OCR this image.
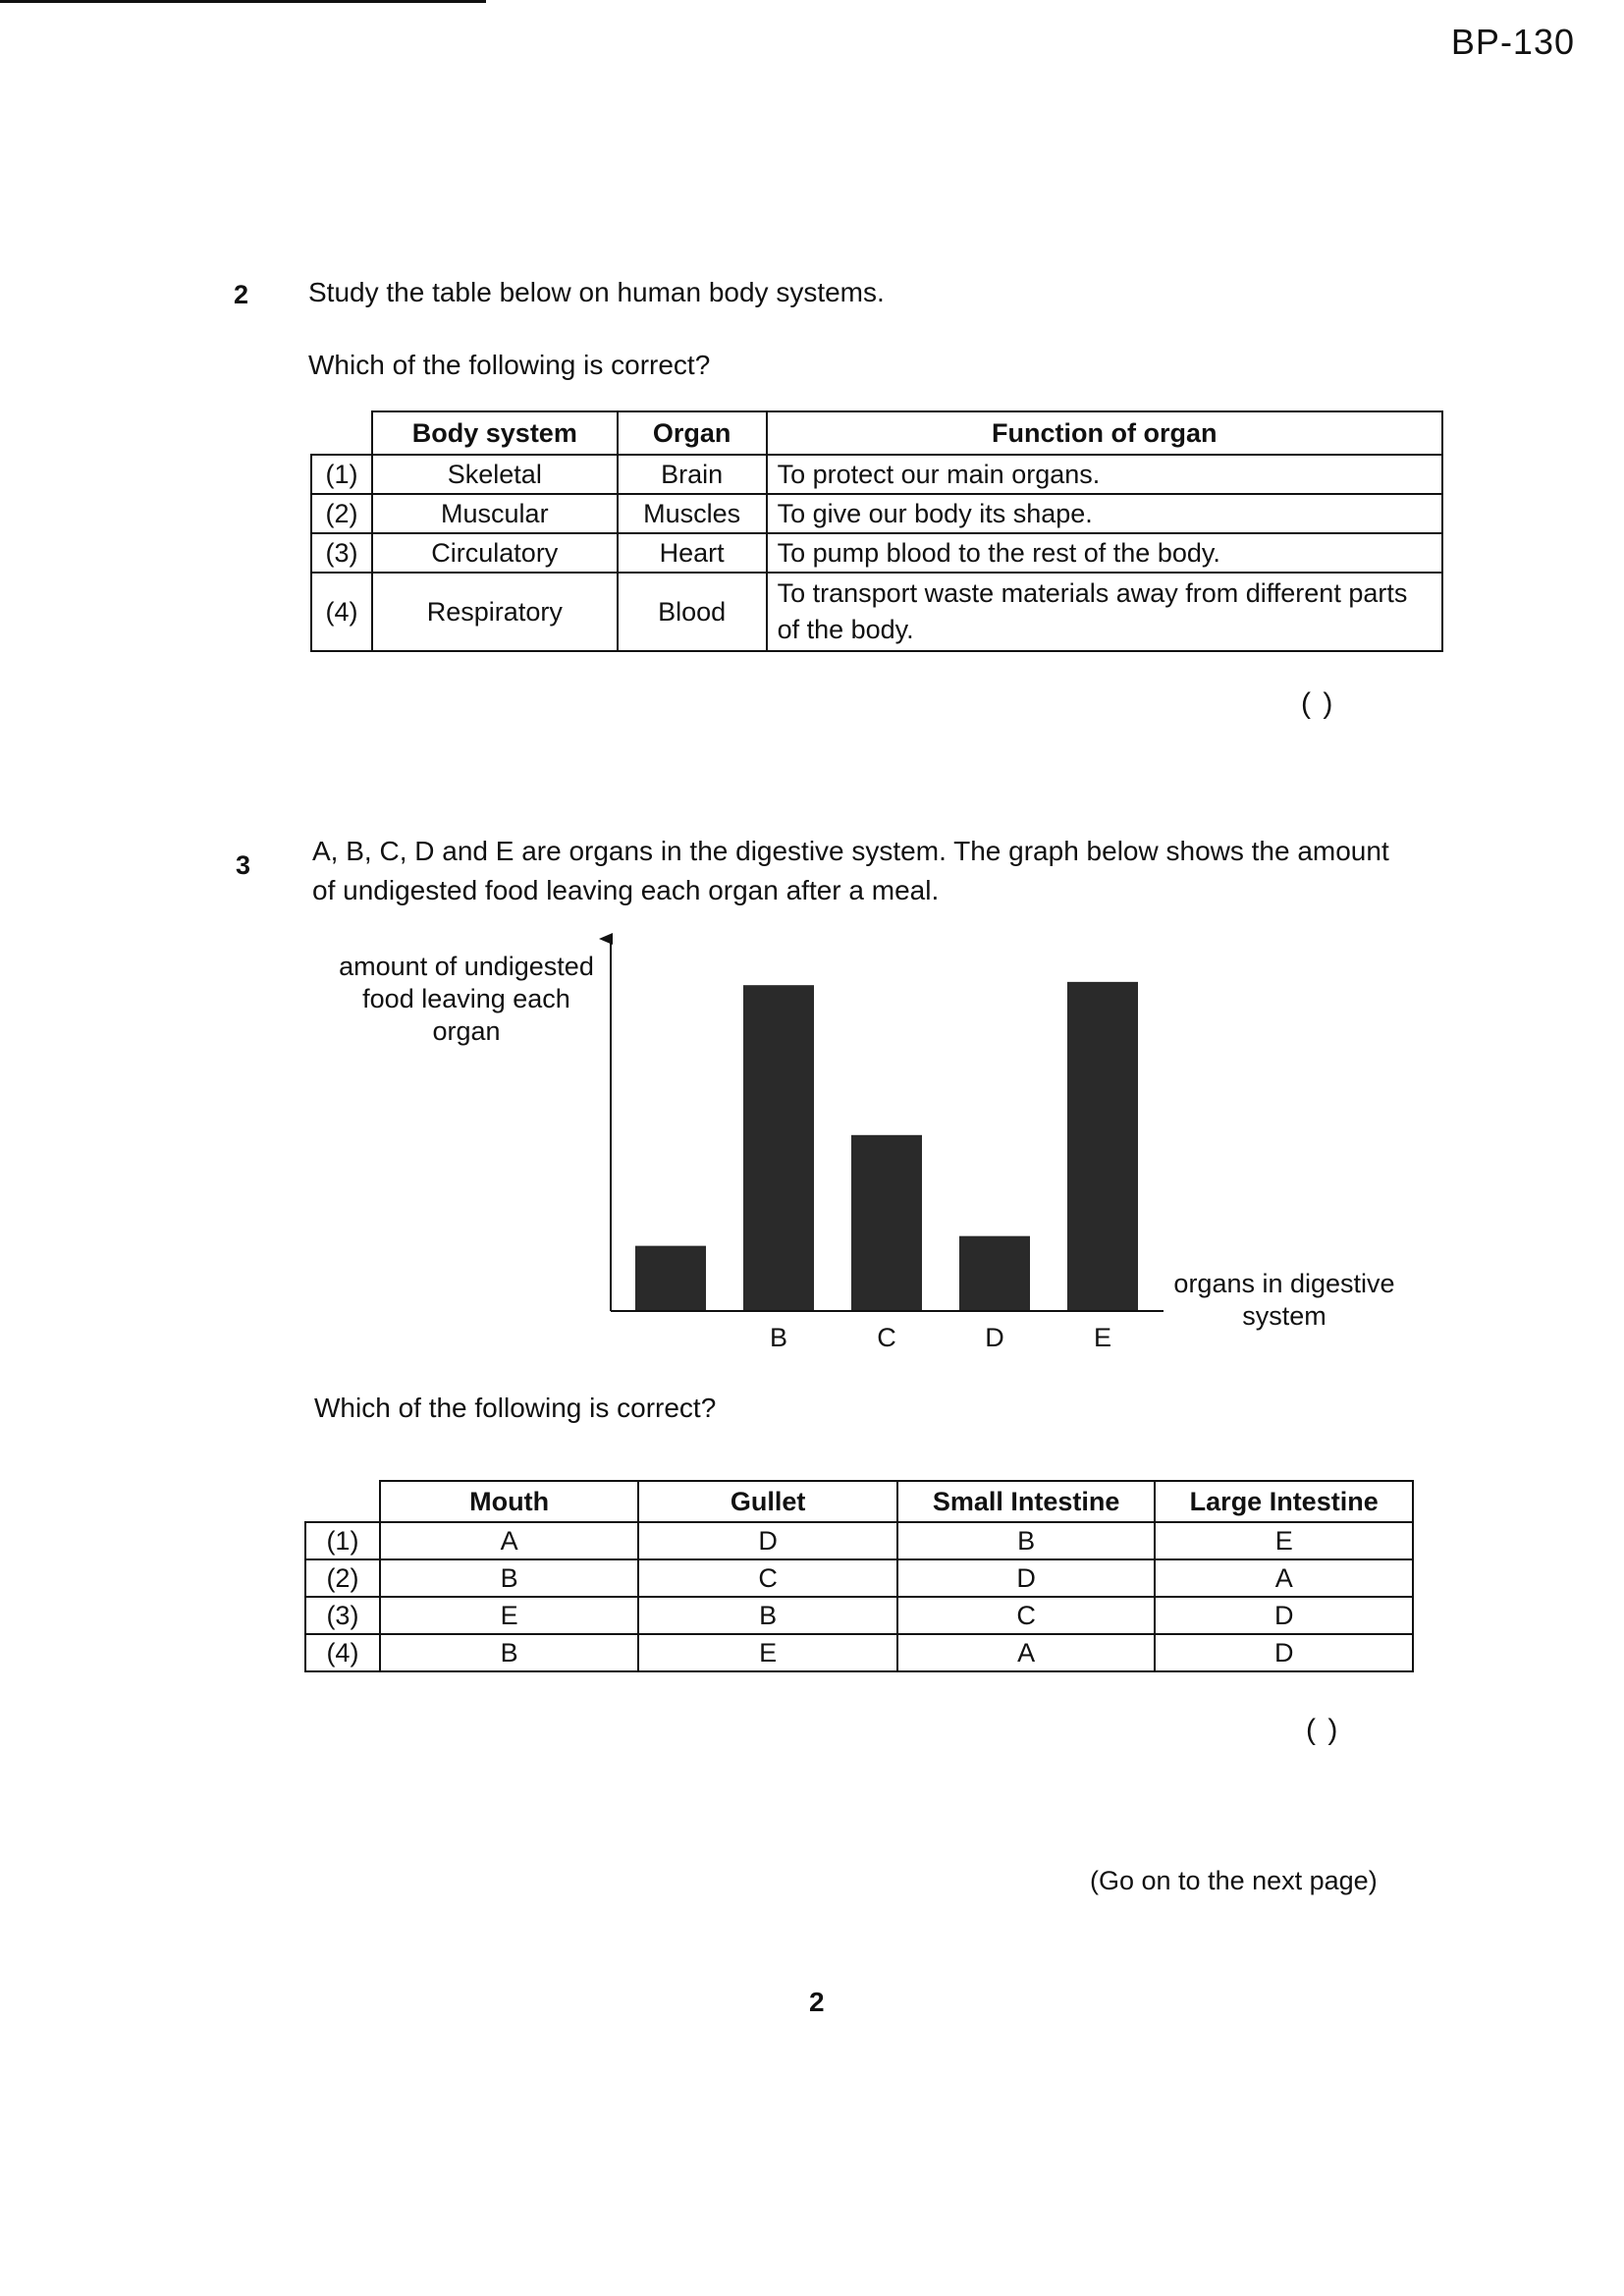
BP-130
2 Study the table below on human body systems.
Which of the following is correct?
	Body system	Organ	Function of organ
(1)	Skeletal	Brain	To protect our main organs.
(2)	Muscular	Muscles	To give our body its shape.
(3)	Circulatory	Heart	To pump blood to the rest of the body.
(4)	Respiratory	Blood	To transport waste materials away from different parts of the body.
( )
3 A, B, C, D and E are organs in the digestive system. The graph below shows the amount of undigested food leaving each organ after a meal.
amount of undigested food leaving each organ
organs in digestive system
B	C	D	E
Which of the following is correct?
	Mouth	Gullet	Small Intestine	Large Intestine
(1)	A	D	B	E
(2)	B	C	D	A
(3)	E	B	C	D
(4)	B	E	A	D
( )
(Go on to the next page)
2
